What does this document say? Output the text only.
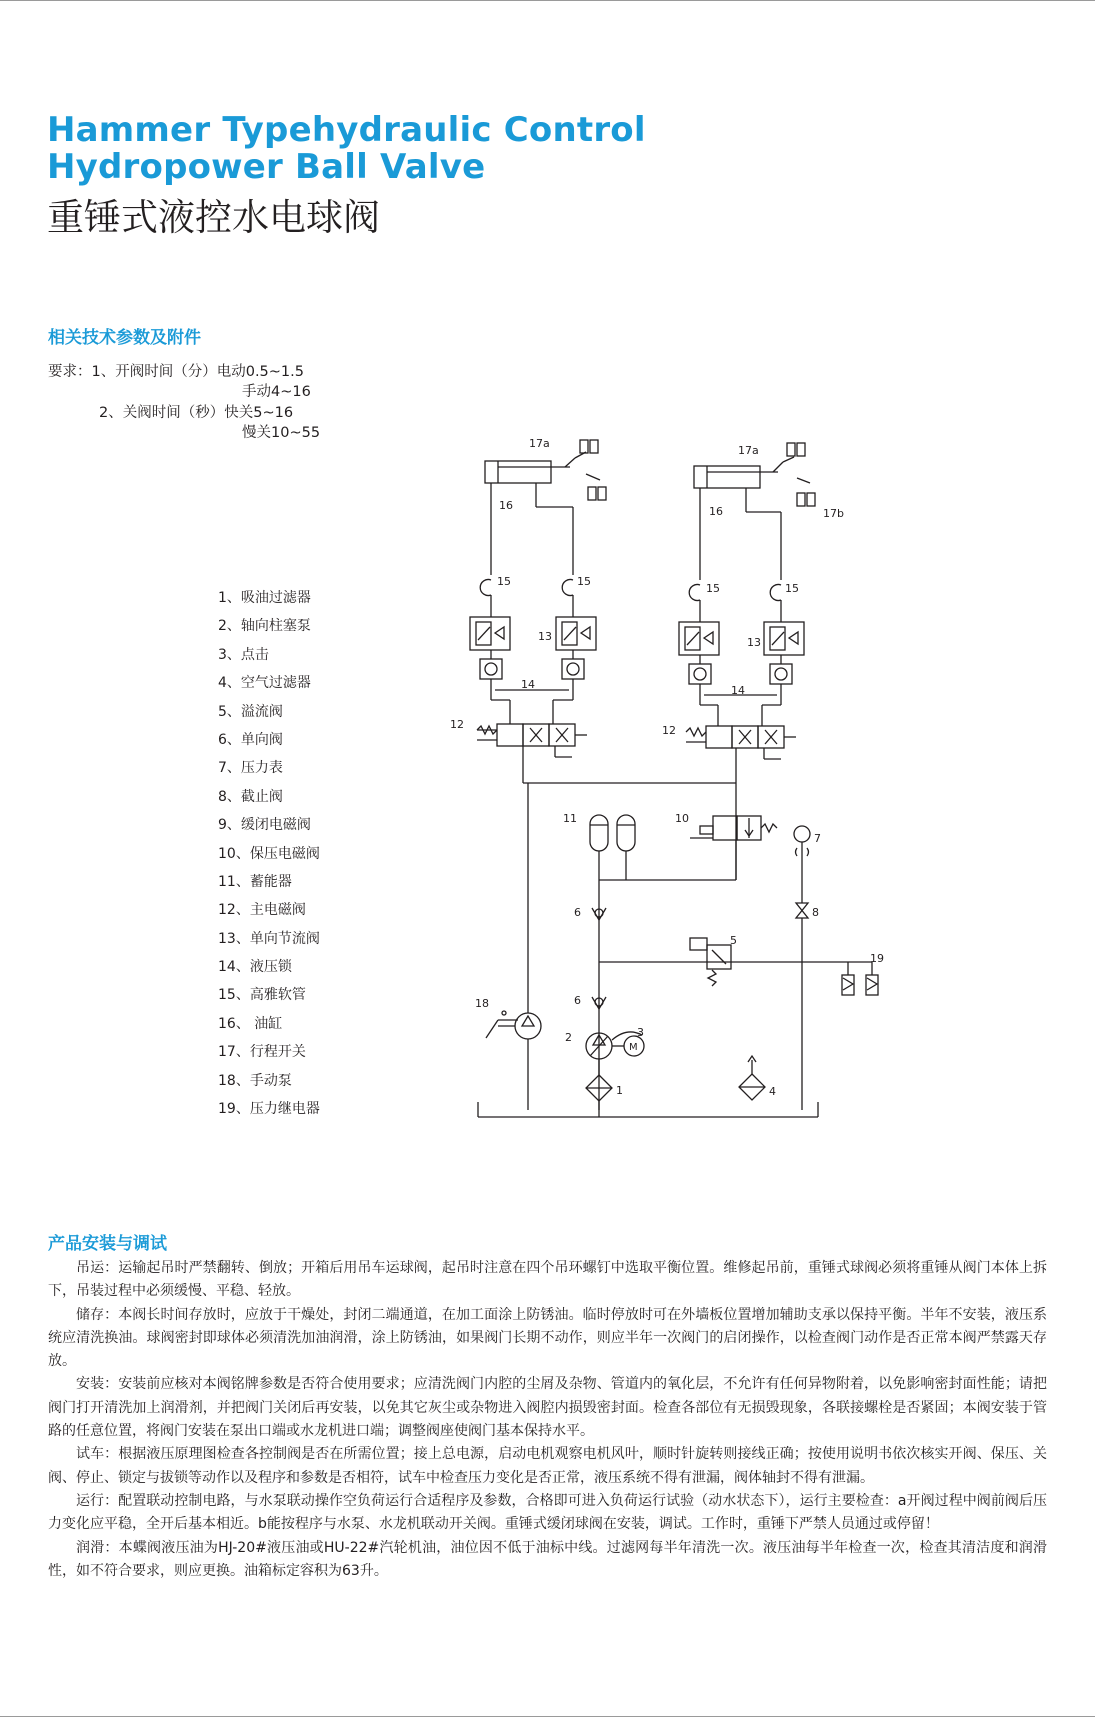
Hammer Typehydraulic Control
Hydropower Ball Valve
重锤式液控水电球阀
相关技术参数及附件
要求：1、开阀时间（分）电动0.5~1.5
手动4~16
2、关阀时间（秒）快关5~16
慢关10~55
1、吸油过滤器
2、轴向柱塞泵
3、点击
4、空气过滤器
5、溢流阀
6、单向阀
7、压力表
8、截止阀
9、缓闭电磁阀
10、保压电磁阀
11、蓄能器
12、主电磁阀
13、单向节流阀
14、液压锁
15、高雅软管
16、 油缸
17、行程开关
18、手动泵
19、压力继电器
17a
17a
17b
16	16
15	15
15	15
13	13
14	14
12	12
11	10
7
8
6
5
19
18	6
2	3
M
1	4
产品安装与调试

吊运：运输起吊时严禁翻转、倒放；开箱后用吊车运球阀，起吊时注意在四个吊环螺钉中选取平衡位置。维修起吊前，重锤式球阀必须将重锤从阀门本体上拆下，吊装过程中必须缓慢、平稳、轻放。

储存：本阀长时间存放时，应放于干燥处，封闭二端通道，在加工面涂上防锈油。临时停放时可在外墙板位置增加辅助支承以保持平衡。半年不安装，液压系统应清洗换油。球阀密封即球体必须清洗加油润滑，涂上防锈油，如果阀门长期不动作，则应半年一次阀门的启闭操作，以检查阀门动作是否正常本阀严禁露天存放。

安装：安装前应核对本阀铭牌参数是否符合使用要求；应清洗阀门内腔的尘屑及杂物、管道内的氧化层，不允许有任何异物附着，以免影响密封面性能；请把阀门打开清洗加上润滑剂，并把阀门关闭后再安装，以免其它灰尘或杂物进入阀腔内损毁密封面。检查各部位有无损毁现象，各联接螺栓是否紧固；本阀安装于管路的任意位置，将阀门安装在泵出口端或水龙机进口端；调整阀座使阀门基本保持水平。

试车：根据液压原理图检查各控制阀是否在所需位置；接上总电源，启动电机观察电机风叶，顺时针旋转则接线正确；按使用说明书依次核实开阀、保压、关阀、停止、锁定与拔锁等动作以及程序和参数是否相符，试车中检查压力变化是否正常，液压系统不得有泄漏，阀体轴封不得有泄漏。

运行：配置联动控制电路，与水泵联动操作空负荷运行合适程序及参数，合格即可进入负荷运行试验（动水状态下），运行主要检查：a开阀过程中阀前阀后压力变化应平稳，全开后基本相近。b能按程序与水泵、水龙机联动开关阀。重锤式缓闭球阀在安装，调试。工作时，重锤下严禁人员通过或停留！

润滑：本蝶阀液压油为HJ-20#液压油或HU-22#汽轮机油，油位因不低于油标中线。过滤网每半年清洗一次。液压油每半年检查一次，检查其清洁度和润滑性，如不符合要求，则应更换。油箱标定容积为63升。
